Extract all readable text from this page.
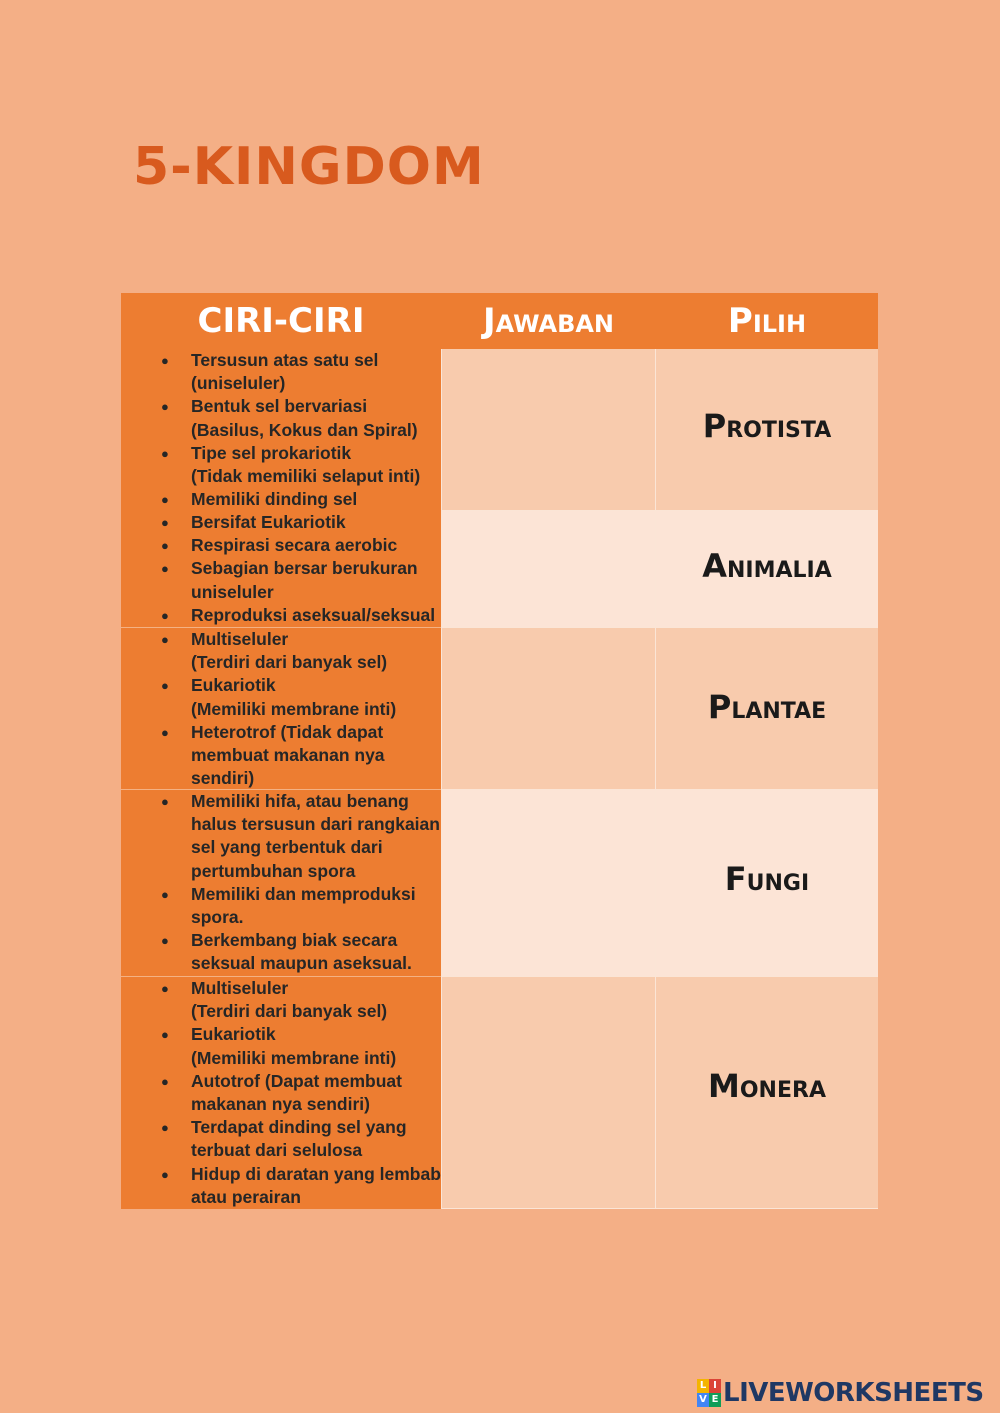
5-KINGDOM
CIRI-CIRI	Jawaban	Pilih
● Tersusun atas satu sel
(uniseluler)
● Bentuk sel bervariasi
(Basilus, Kokus dan Spiral)
● Tipe sel prokariotik
(Tidak memiliki selaput inti)
● Memiliki dinding sel
● Bersifat Eukariotik
● Respirasi secara aerobic
● Sebagian bersar berukuran
uniseluler
● Reproduksi aseksual/seksual
● Multiseluler
(Terdiri dari banyak sel)
● Eukariotik
(Memiliki membrane inti)
● Heterotrof (Tidak dapat
membuat makanan nya
sendiri)
● Memiliki hifa, atau benang
halus tersusun dari rangkaian
sel yang terbentuk dari
pertumbuhan spora
● Memiliki dan memproduksi
spora.
● Berkembang biak secara
seksual maupun aseksual.
● Multiseluler
(Terdiri dari banyak sel)
● Eukariotik
(Memiliki membrane inti)
● Autotrof (Dapat membuat
makanan nya sendiri)
● Terdapat dinding sel yang
terbuat dari selulosa
● Hidup di daratan yang lembab
atau perairan
Protista
Animalia
Plantae
Fungi
Monera
L I
V E LIVEWORKSHEETS
